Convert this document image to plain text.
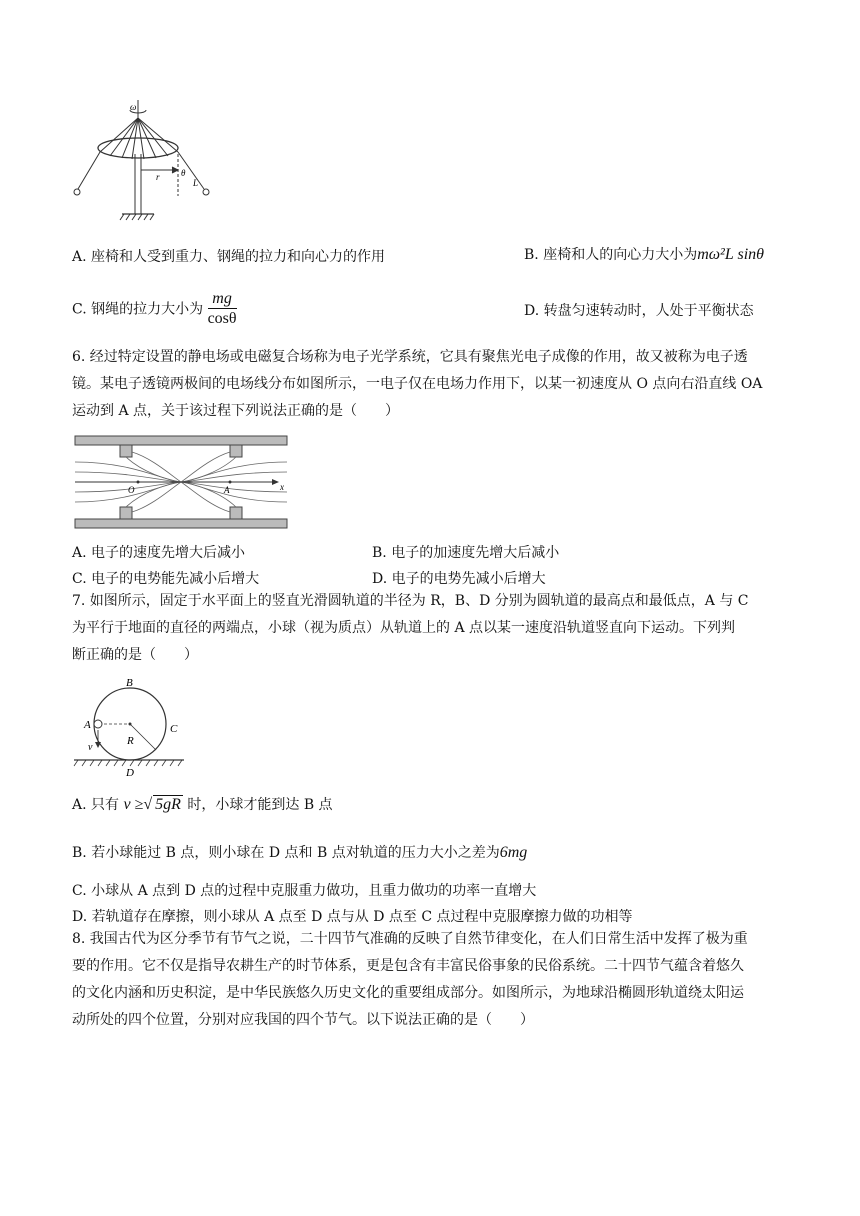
ω
r θ
L
A. 座椅和人受到重力、钢绳的拉力和向心力的作用	B. 座椅和人的向心力大小为mω²L sinθ
C. 钢绳的拉力大小为 $\frac{mg}{\cos\theta}$	D. 转盘匀速转动时，人处于平衡状态
6. 经过特定设置的静电场或电磁复合场称为电子光学系统，它具有聚焦光电子成像的作用，故又被称为电子透
镜。某电子透镜两极间的电场线分布如图所示，一电子仅在电场力作用下，以某一初速度从 O 点向右沿直线 OA
运动到 A 点，关于该过程下列说法正确的是（　　）
O	A	x
A. 电子的速度先增大后减小	B. 电子的加速度先增大后减小
C. 电子的电势能先减小后增大	D. 电子的电势先减小后增大
7. 如图所示，固定于水平面上的竖直光滑圆轨道的半径为 R，B、D 分别为圆轨道的最高点和最低点，A 与 C
为平行于地面的直径的两端点，小球（视为质点）从轨道上的 A 点以某一速度沿轨道竖直向下运动。下列判
断正确的是（　　）
B
A	C
R
D
v
A. 只有 v ≥√ 5gR 时，小球才能到达 B 点
B. 若小球能过 B 点，则小球在 D 点和 B 点对轨道的压力大小之差为6mg
C. 小球从 A 点到 D 点的过程中克服重力做功，且重力做功的功率一直增大
D. 若轨道存在摩擦，则小球从 A 点至 D 点与从 D 点至 C 点过程中克服摩擦力做的功相等
8. 我国古代为区分季节有节气之说，二十四节气准确的反映了自然节律变化，在人们日常生活中发挥了极为重
要的作用。它不仅是指导农耕生产的时节体系，更是包含有丰富民俗事象的民俗系统。二十四节气蕴含着悠久
的文化内涵和历史积淀，是中华民族悠久历史文化的重要组成部分。如图所示，为地球沿椭圆形轨道绕太阳运
动所处的四个位置，分别对应我国的四个节气。以下说法正确的是（　　）
